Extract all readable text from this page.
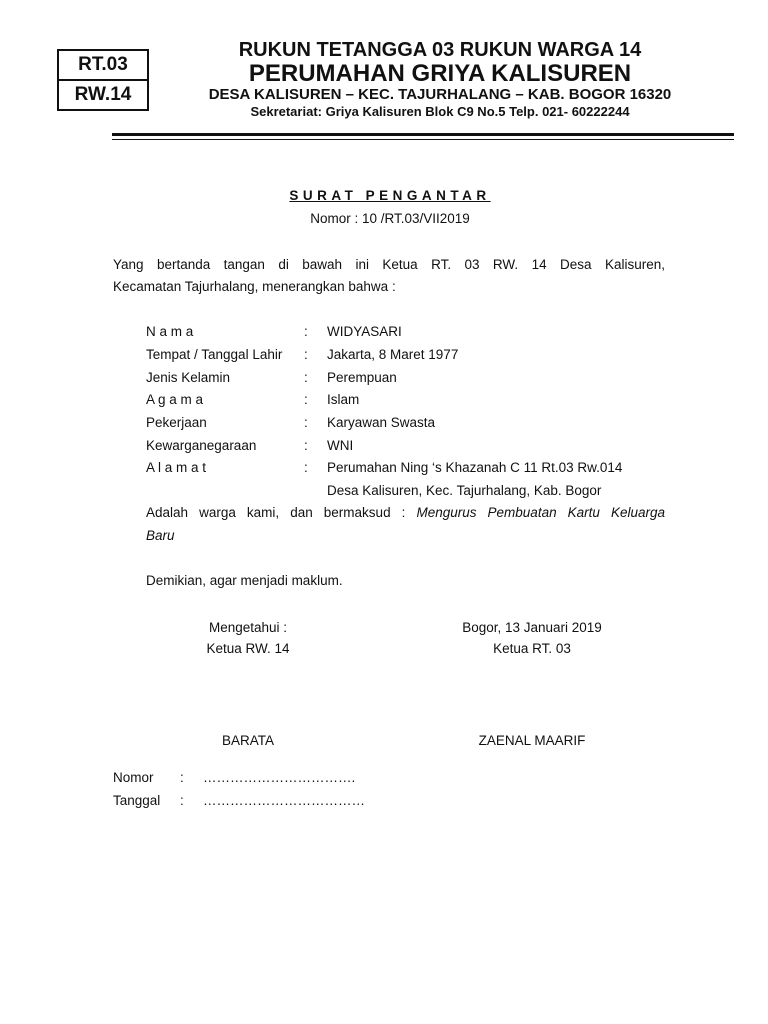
RT.03
RW.14
RUKUN TETANGGA 03 RUKUN WARGA 14
PERUMAHAN GRIYA KALISUREN
DESA KALISUREN – KEC. TAJURHALANG – KAB. BOGOR 16320
Sekretariat: Griya Kalisuren Blok C9 No.5 Telp. 021- 60222244
SURAT PENGANTAR
Nomor : 10 /RT.03/VII2019
Yang bertanda tangan di bawah ini Ketua RT. 03 RW. 14 Desa Kalisuren,
Kecamatan Tajurhalang, menerangkan bahwa :
N a m a	: WIDYASARI
Tempat / Tanggal Lahir : Jakarta, 8 Maret 1977
Jenis Kelamin	: Perempuan
A g a m a	: Islam
Pekerjaan	: Karyawan Swasta
Kewarganegaraan	: WNI
A l a m a t	: Perumahan Ning ‘s Khazanah C 11 Rt.03 Rw.014
Desa Kalisuren, Kec. Tajurhalang, Kab. Bogor
Adalah warga kami, dan bermaksud : Mengurus Pembuatan Kartu Keluarga
Baru
Demikian, agar menjadi maklum.
Mengetahui :
Ketua RW. 14
BARATA
Bogor, 13 Januari 2019
Ketua RT. 03
ZAENAL MAARIF
Nomor : …………………………….
Tanggal : ………………………………
